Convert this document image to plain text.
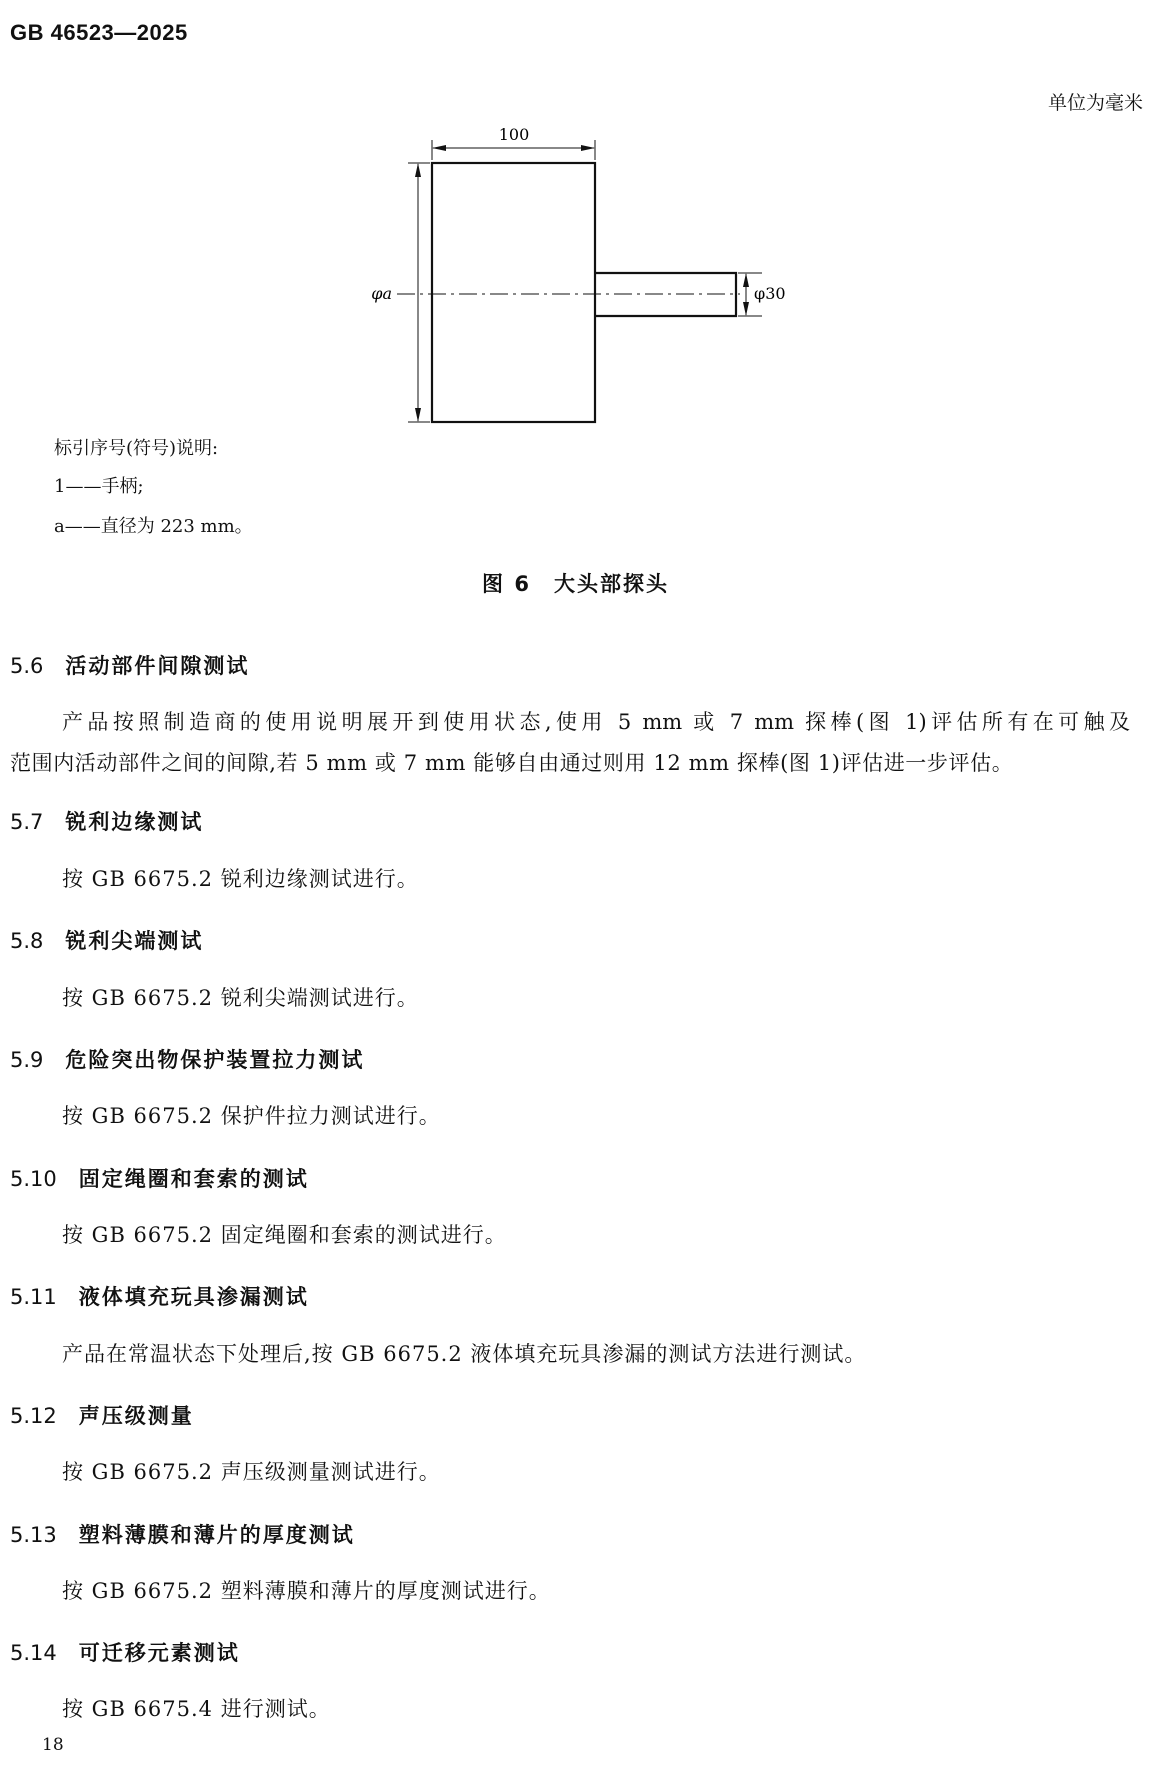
GB 46523—2025
单位为毫米
100
φa	φ30
标引序号(符号)说明:
1——手柄;
a——直径为 223 mm。
图 6　大头部探头
5.6 活动部件间隙测试
产品按照制造商的使用说明展开到使用状态,使用 5 mm 或 7 mm 探棒(图 1)评估所有在可触及
范围内活动部件之间的间隙,若 5 mm 或 7 mm 能够自由通过则用 12 mm 探棒(图 1)评估进一步评估。
5.7 锐利边缘测试
按 GB 6675.2 锐利边缘测试进行。
5.8 锐利尖端测试
按 GB 6675.2 锐利尖端测试进行。
5.9 危险突出物保护装置拉力测试
按 GB 6675.2 保护件拉力测试进行。
5.10 固定绳圈和套索的测试
按 GB 6675.2 固定绳圈和套索的测试进行。
5.11 液体填充玩具渗漏测试
产品在常温状态下处理后,按 GB 6675.2 液体填充玩具渗漏的测试方法进行测试。
5.12 声压级测量
按 GB 6675.2 声压级测量测试进行。
5.13 塑料薄膜和薄片的厚度测试
按 GB 6675.2 塑料薄膜和薄片的厚度测试进行。
5.14 可迁移元素测试
按 GB 6675.4 进行测试。
18
